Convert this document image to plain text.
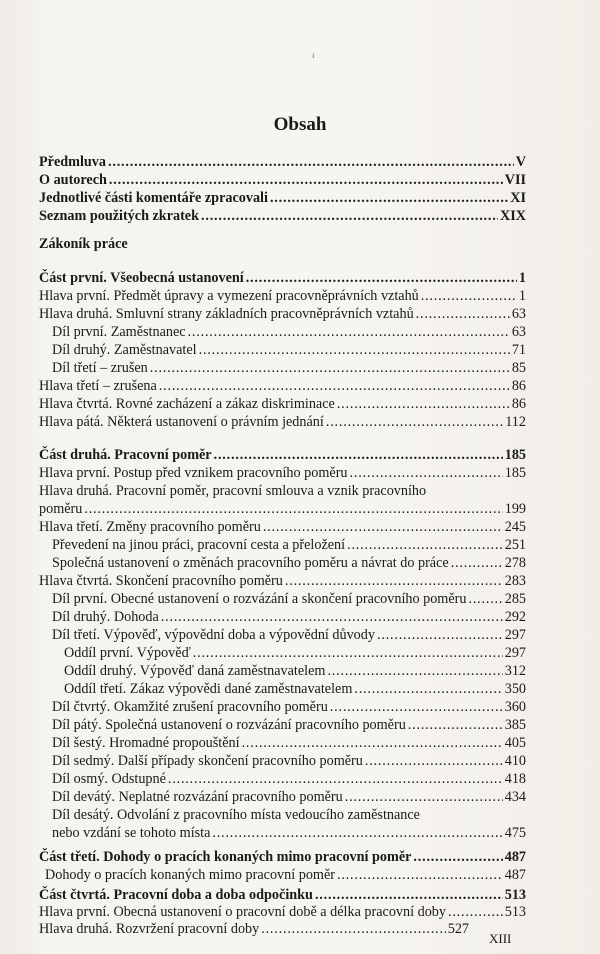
ı
Obsah
Předmluva .....	V
O autorech .....	VII
Jednotlivé části komentáře zpracovali .....	XI
Seznam použitých zkratek .....	XIX
Zákoník práce
Část první. Všeobecná ustanovení .....	1
Hlava první. Předmět úpravy a vymezení pracovněprávních vztahů .....	1
Hlava druhá. Smluvní strany základních pracovněprávních vztahů .....	63
Díl první. Zaměstnanec .....	63
Díl druhý. Zaměstnavatel .....	71
Díl třetí – zrušen .....	85
Hlava třetí – zrušena .....	86
Hlava čtvrtá. Rovné zacházení a zákaz diskriminace .....	86
Hlava pátá. Některá ustanovení o právním jednání .....	112
Část druhá. Pracovní poměr .....	185
Hlava první. Postup před vznikem pracovního poměru .....	185
Hlava druhá. Pracovní poměr, pracovní smlouva a vznik pracovního
poměru .....	199
Hlava třetí. Změny pracovního poměru .....	245
Převedení na jinou práci, pracovní cesta a přeložení .....	251
Společná ustanovení o změnách pracovního poměru a návrat do práce .....	278
Hlava čtvrtá. Skončení pracovního poměru .....	283
Díl první. Obecné ustanovení o rozvázání a skončení pracovního poměru .....	285
Díl druhý. Dohoda .....	292
Díl třetí. Výpověď, výpovědní doba a výpovědní důvody .....	297
Oddíl první. Výpověď .....	297
Oddíl druhý. Výpověď daná zaměstnavatelem .....	312
Oddíl třetí. Zákaz výpovědi dané zaměstnavatelem .....	350
Díl čtvrtý. Okamžité zrušení pracovního poměru .....	360
Díl pátý. Společná ustanovení o rozvázání pracovního poměru .....	385
Díl šestý. Hromadné propouštění .....	405
Díl sedmý. Další případy skončení pracovního poměru .....	410
Díl osmý. Odstupné .....	418
Díl devátý. Neplatné rozvázání pracovního poměru .....	434
Díl desátý. Odvolání z pracovního místa vedoucího zaměstnance
nebo vzdání se tohoto místa .....	475
Část třetí. Dohody o pracích konaných mimo pracovní poměr .....	487
Dohody o pracích konaných mimo pracovní poměr .....	487
Část čtvrtá. Pracovní doba a doba odpočinku .....	513
Hlava první. Obecná ustanovení o pracovní době a délka pracovní doby .....	513
Hlava druhá. Rozvržení pracovní doby .....	527
XIII
